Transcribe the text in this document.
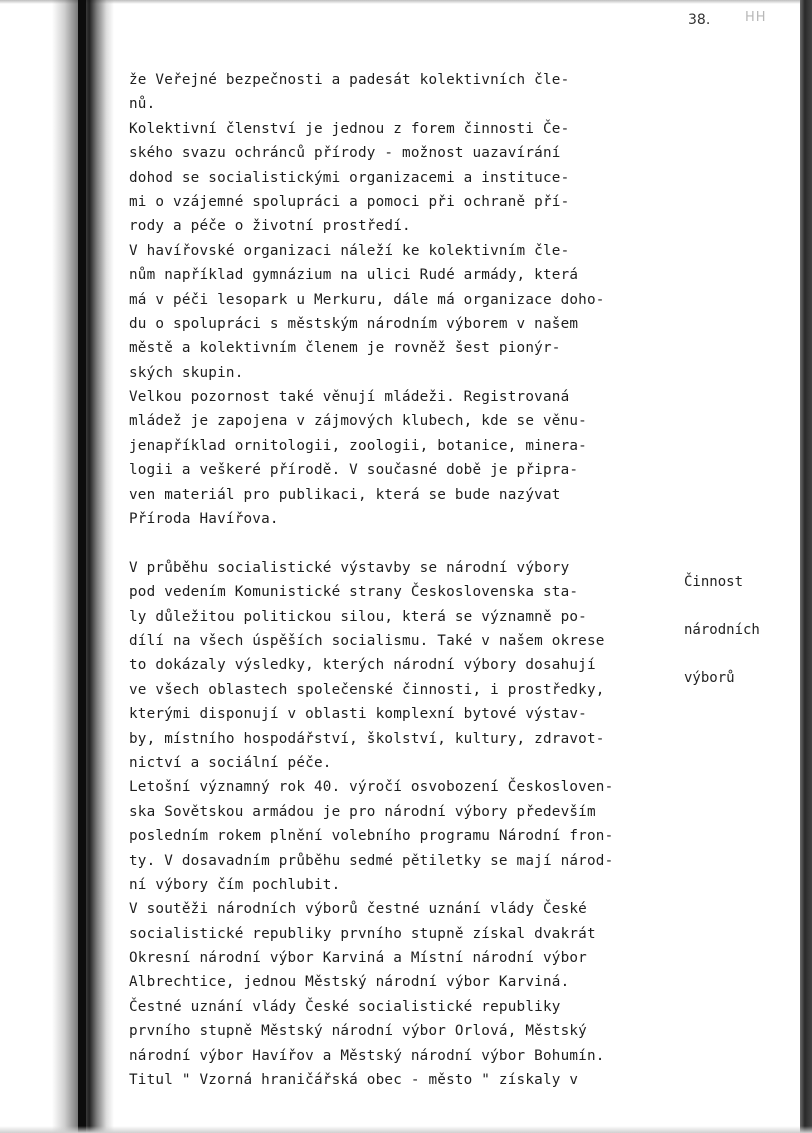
38.	HH
že Veřejné bezpečnosti a padesát kolektivních čle-
nů.
Kolektivní členství je jednou z forem činnosti Če-
ského svazu ochránců přírody - možnost uazavírání
dohod se socialistickými organizacemi a institucе-
mi o vzájemné spolupráci a pomoci při ochraně pří-
rody a péče o životní prostředí.
V havířovské organizaci náleží ke kolektivním čle-
nům například gymnázium na ulici Rudé armády, která
má v péči lesopark u Merkuru, dále má organizace doho-
du o spolupráci s městským národním výborem v našem
městě a kolektivním členem je rovněž šest pionýr-
ských skupin.
Velkou pozornost také věnují mládeži. Registrovaná
mládež je zapojena v zájmových klubech, kde se věnu-
jenapříklad ornitologii, zoologii, botanice, minera-
logii a veškeré přírodě. V současné době je připra-
ven materiál pro publikaci, která se bude nazývat
Příroda Havířova.
V průběhu socialistické výstavby se národní výbory
pod vedením Komunistické strany Československa sta-
ly důležitou politickou silou, která se významně po-
dílí na všech úspěších socialismu. Také v našem okrese
to dokázaly výsledky, kterých národní výbory dosahují
ve všech oblastech společenské činnosti, i prostředky,
kterými disponují v oblasti komplexní bytové výstav-
by, místního hospodářství, školství, kultury, zdravot-
nictví a sociální péče.
Letošní významný rok 40. výročí osvobození Českosloven-
ska Sovětskou armádou je pro národní výbory především
posledním rokem plnění volebního programu Národní fron-
ty. V dosavadním průběhu sedmé pětiletky se mají národ-
ní výbory čím pochlubit.
V soutěži národních výborů čestné uznání vlády České
socialistické republiky prvního stupně získal dvakrát
Okresní národní výbor Karviná a Místní národní výbor
Albrechtice, jednou Městský národní výbor Karviná.
Čestné uznání vlády České socialistické republiky
prvního stupně Městský národní výbor Orlová, Městský
národní výbor Havířov a Městský národní výbor Bohumín.
Titul " Vzorná hraničářská obec - město " získaly v

Činnost

národních

výborů
